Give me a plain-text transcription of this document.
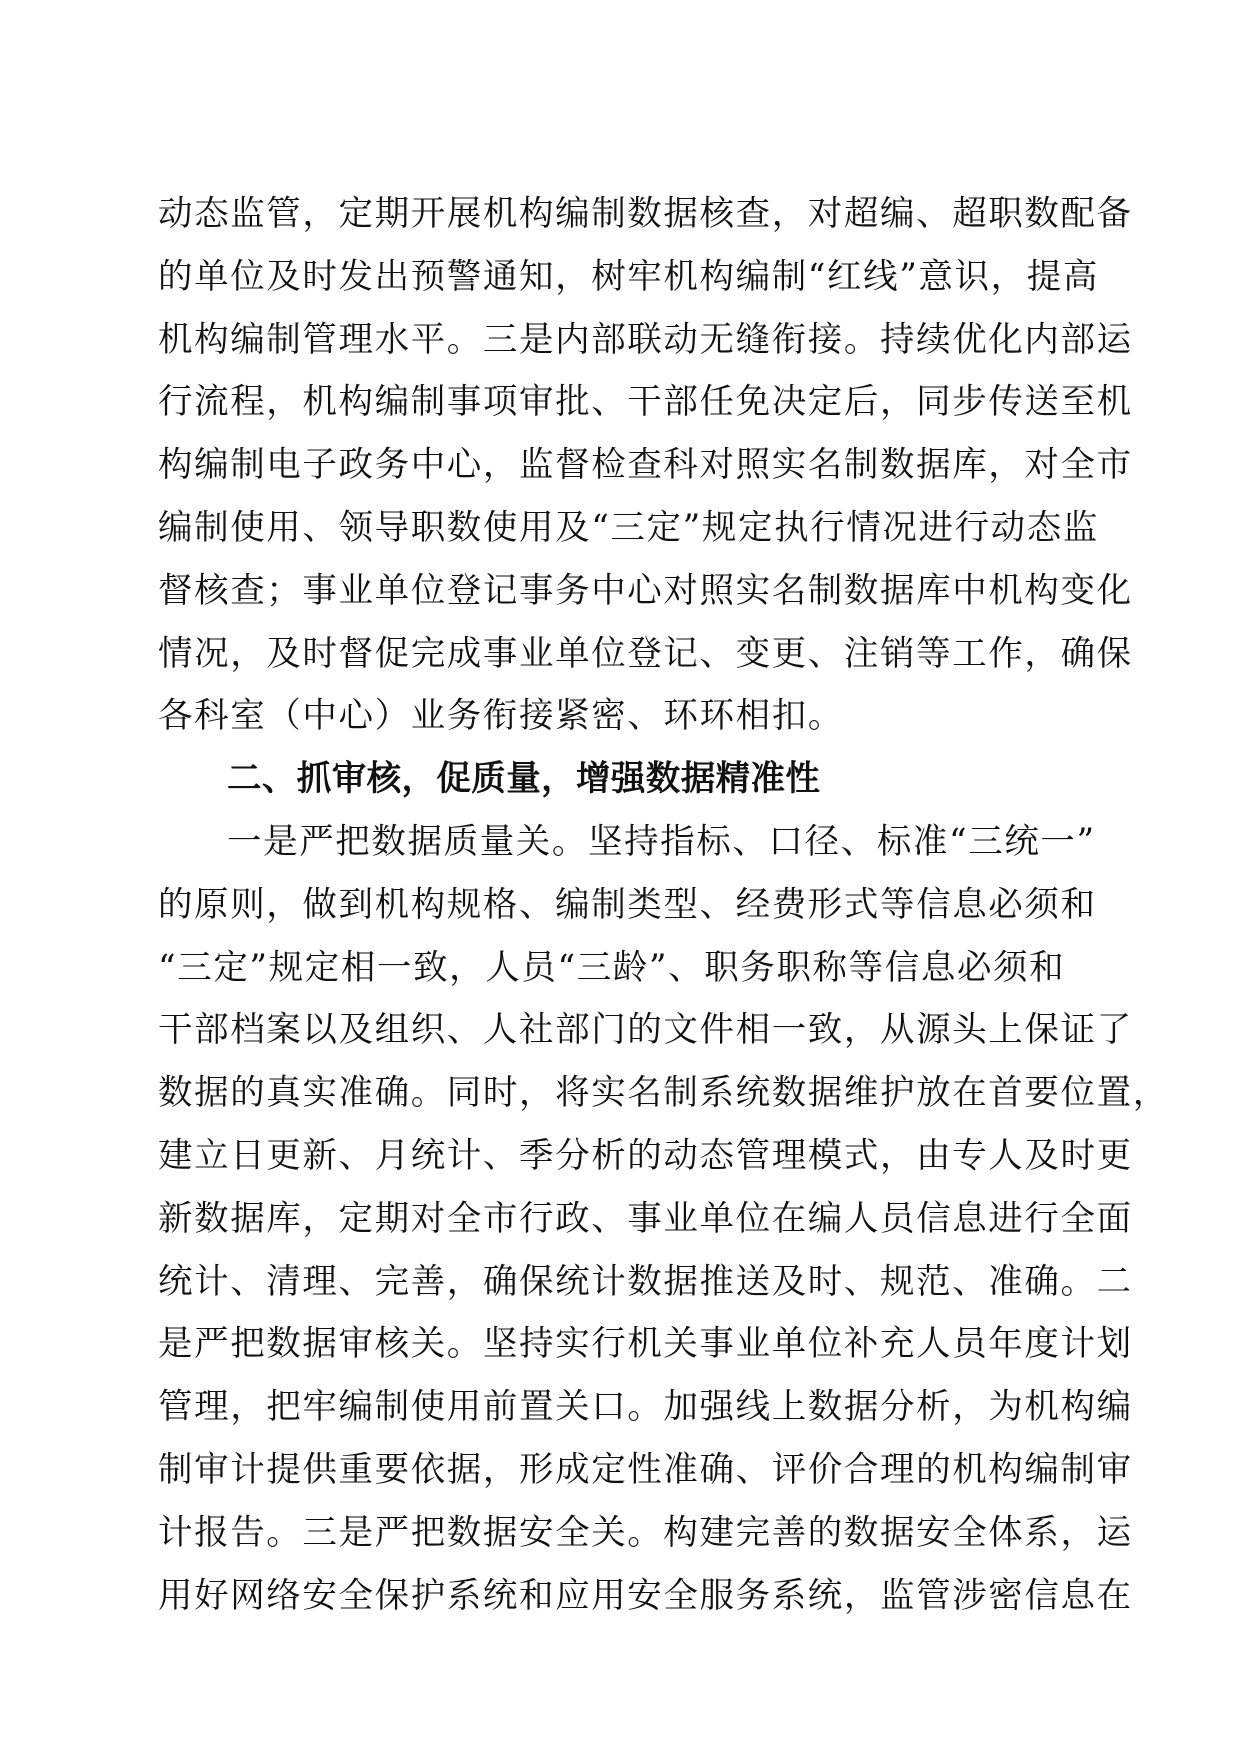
动态监管，定期开展机构编制数据核查，对超编、超职数配备
的单位及时发出预警通知，树牢机构编制“红线”意识，提高
机构编制管理水平。三是内部联动无缝衔接。持续优化内部运
行流程，机构编制事项审批、干部任免决定后，同步传送至机
构编制电子政务中心，监督检查科对照实名制数据库，对全市
编制使用、领导职数使用及“三定”规定执行情况进行动态监
督核查；事业单位登记事务中心对照实名制数据库中机构变化
情况，及时督促完成事业单位登记、变更、注销等工作，确保
各科室（中心）业务衔接紧密、环环相扣。
二、抓审核，促质量，增强数据精准性
一是严把数据质量关。坚持指标、口径、标准“三统一”
的原则，做到机构规格、编制类型、经费形式等信息必须和
“三定”规定相一致，人员“三龄”、职务职称等信息必须和
干部档案以及组织、人社部门的文件相一致，从源头上保证了
数据的真实准确。同时，将实名制系统数据维护放在首要位置，
建立日更新、月统计、季分析的动态管理模式，由专人及时更
新数据库，定期对全市行政、事业单位在编人员信息进行全面
统计、清理、完善，确保统计数据推送及时、规范、准确。二
是严把数据审核关。坚持实行机关事业单位补充人员年度计划
管理，把牢编制使用前置关口。加强线上数据分析，为机构编
制审计提供重要依据，形成定性准确、评价合理的机构编制审
计报告。三是严把数据安全关。构建完善的数据安全体系，运
用好网络安全保护系统和应用安全服务系统，监管涉密信息在
